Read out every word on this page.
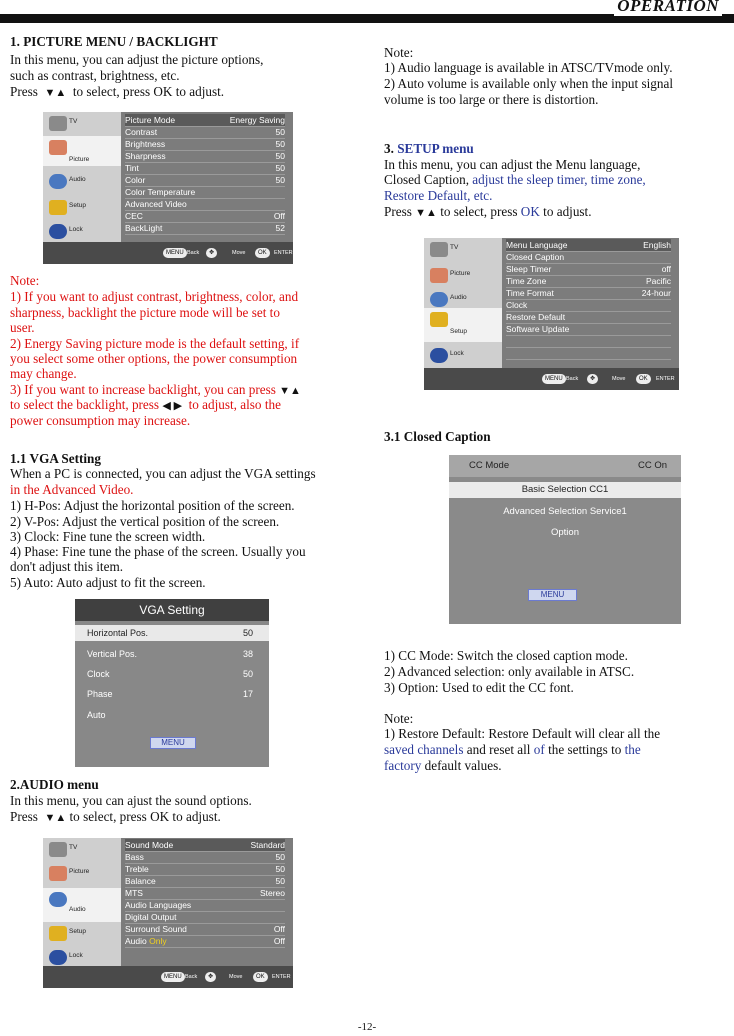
OPERATION
1. PICTURE MENU / BACKLIGHT
In this menu, you can adjust the picture options,
such as contrast, brightness, etc.
Press ▼▲ to select, press OK to adjust.
TV
Picture
Audio
Setup
Lock
Picture Mode	Energy Saving
Contrast	50
Brightness	50
Sharpness	50
Tint	50
Color	50
Color Temperature
Advanced Video
CEC	Off
BackLight	52
MENU Back	✥	Move	OK	ENTER
Note:
1) If you want to adjust contrast, brightness, color, and
sharpness, backlight the picture mode will be set to
user.
2) Energy Saving picture mode is the default setting, if
you select some other options, the power consumption
may change.
3) If you want to increase backlight, you can press ▼▲
to select the backlight, press ◀ ▶ to adjust, also the
power consumption may increase.
1.1 VGA Setting
When a PC is connected, you can adjust the VGA settings
in the Advanced Video.
1) H-Pos: Adjust the horizontal position of the screen.
2) V-Pos: Adjust the vertical position of the screen.
3) Clock: Fine tune the screen width.
4) Phase: Fine tune the phase of the screen. Usually you
don't adjust this item.
5) Auto: Auto adjust to fit the screen.
VGA Setting
Horizontal Pos.	50
Vertical Pos.	38
Clock	50
Phase	17
Auto
MENU
2.AUDIO menu
In this menu, you can ajust the sound options.
Press ▼▲ to select, press OK to adjust.
TV
Picture
Audio
Setup
Lock
Sound Mode	Standard
Bass	50
Treble	50
Balance	50
MTS	Stereo
Audio Languages
Digital Output
Surround Sound	Off
Audio Only	Off
MENU Back	✥	Move	OK	ENTER
Note:
1) Audio language is available in ATSC/TVmode only.
2) Auto volume is available only when the input signal
volume is too large or there is distortion.
3. SETUP menu
In this menu, you can adjust the Menu language,
Closed Caption, adjust the sleep timer, time zone,
Restore Default, etc.
Press ▼▲ to select, press OK to adjust.
TV
Picture
Audio
Setup
Lock
Menu Language	English
Closed Caption
Sleep Timer	off
Time Zone	Pacific
Time Format	24-hour
Clock
Restore Default
Software Update
MENU Back	✥	Move	OK	ENTER
3.1 Closed Caption
CC Mode	CC On
Basic Selection CC1
Advanced Selection Service1
Option
MENU
1) CC Mode: Switch the closed caption mode.
2) Advanced selection: only available in ATSC.
3) Option: Used to edit the CC font.
Note:
1) Restore Default: Restore Default will clear all the
saved channels and reset all of the settings to the
factory default values.
-12-
